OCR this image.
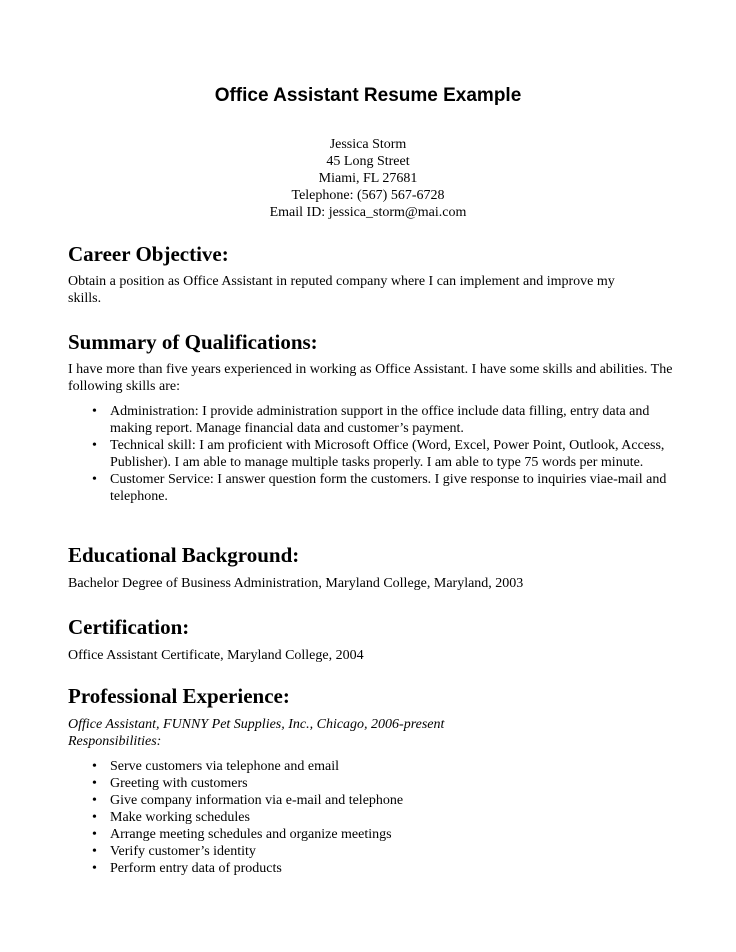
Office Assistant Resume Example
Jessica Storm
45 Long Street
Miami, FL 27681
Telephone: (567) 567-6728
Email ID: jessica_storm@mai.com
Career Objective:

Obtain a position as Office Assistant in reputed company where I can implement and improve my skills.

Summary of Qualifications:

I have more than five years experienced in working as Office Assistant. I have some skills and abilities. The following skills are:

• Administration: I provide administration support in the office include data filling, entry data and making report. Manage financial data and customer’s payment.
• Technical skill: I am proficient with Microsoft Office (Word, Excel, Power Point, Outlook, Access, Publisher). I am able to manage multiple tasks properly. I am able to type 75 words per minute.
• Customer Service: I answer question form the customers. I give response to inquiries viae-mail and telephone.
Educational Background:

Bachelor Degree of Business Administration, Maryland College, Maryland, 2003

Certification:

Office Assistant Certificate, Maryland College, 2004

Professional Experience:

Office Assistant, FUNNY Pet Supplies, Inc., Chicago, 2006-present

Responsibilities:

• Serve customers via telephone and email
• Greeting with customers
• Give company information via e-mail and telephone
• Make working schedules
• Arrange meeting schedules and organize meetings
• Verify customer’s identity
• Perform entry data of products
